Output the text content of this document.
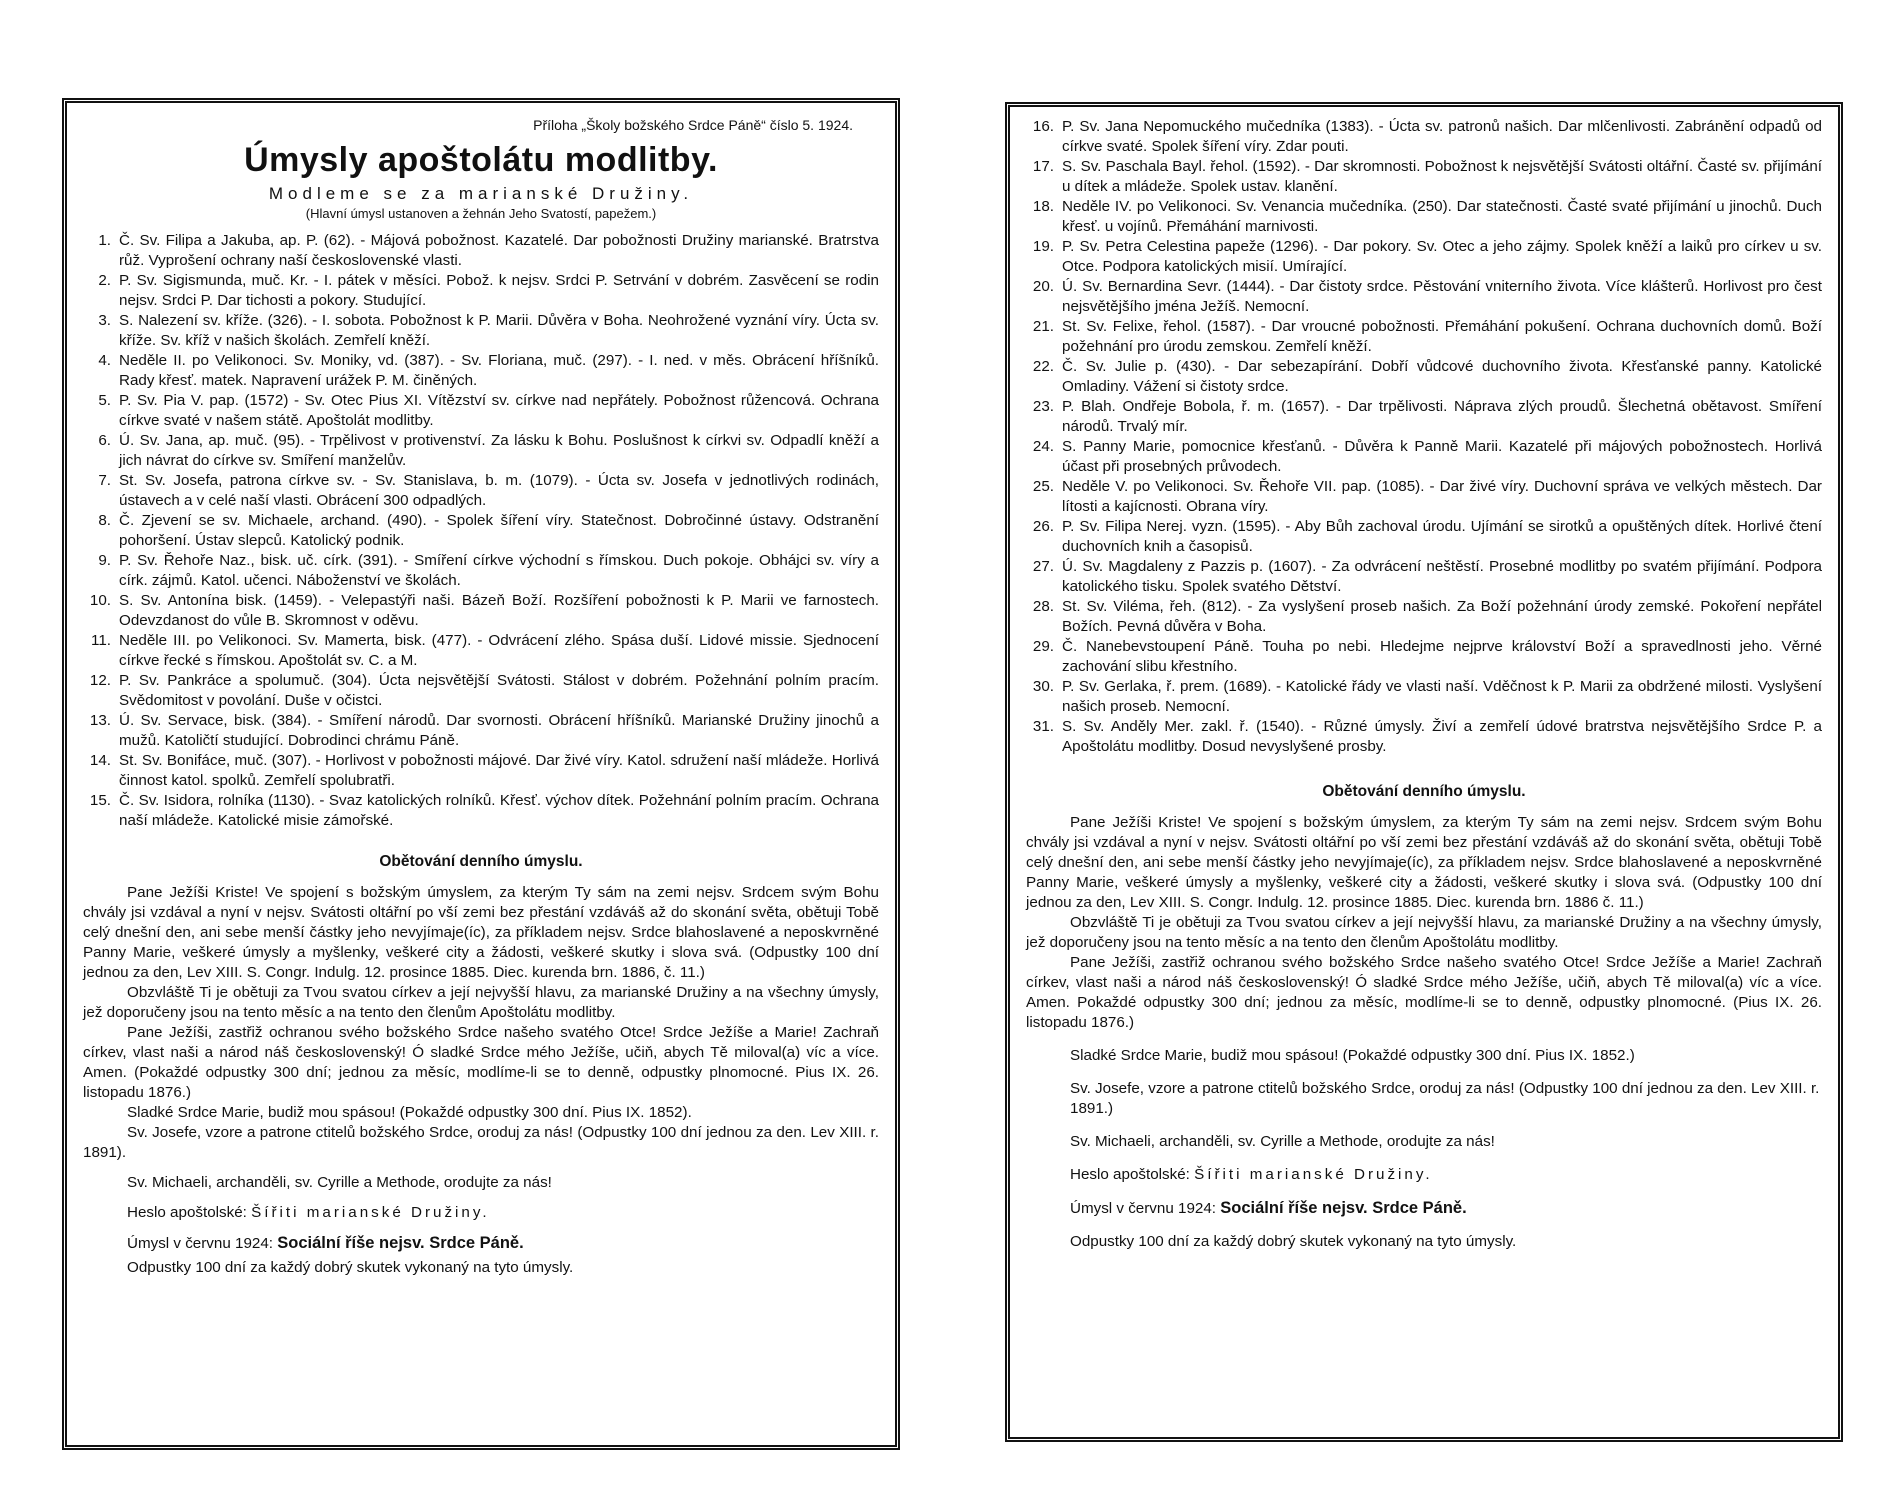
Příloha „Školy božského Srdce Páně“ číslo 5. 1924.
Úmysly apoštolátu modlitby.
Modleme se za marianské Družiny.
(Hlavní úmysl ustanoven a žehnán Jeho Svatostí, papežem.)
1. Č. Sv. Filipa a Jakuba, ap. P. (62). - Májová pobožnost. Kazatelé. Dar pobožnosti Družiny marianské. Bratrstva růž. Vyprošení ochrany naší československé vlasti.
2. P. Sv. Sigismunda, muč. Kr. - I. pátek v měsíci. Pobož. k nejsv. Srdci P. Setrvání v dobrém. Zasvěcení se rodin nejsv. Srdci P. Dar tichosti a pokory. Studující.
3. S. Nalezení sv. kříže. (326). - I. sobota. Pobožnost k P. Marii. Důvěra v Boha. Neohrožené vyznání víry. Úcta sv. kříže. Sv. kříž v našich školách. Zemřelí kněží.
4. Neděle II. po Velikonoci. Sv. Moniky, vd. (387). - Sv. Floriana, muč. (297). - I. ned. v měs. Obrácení hříšníků. Rady křesť. matek. Napravení urážek P. M. činěných.
5. P. Sv. Pia V. pap. (1572) - Sv. Otec Pius XI. Vítězství sv. církve nad nepřátely. Pobožnost růžencová. Ochrana církve svaté v našem státě. Apoštolát modlitby.
6. Ú. Sv. Jana, ap. muč. (95). - Trpělivost v protivenství. Za lásku k Bohu. Poslušnost k církvi sv. Odpadlí kněží a jich návrat do církve sv. Smíření manželův.
7. St. Sv. Josefa, patrona církve sv. - Sv. Stanislava, b. m. (1079). - Úcta sv. Josefa v jednotlivých rodinách, ústavech a v celé naší vlasti. Obrácení 300 odpadlých.
8. Č. Zjevení se sv. Michaele, archand. (490). - Spolek šíření víry. Statečnost. Dobročinné ústavy. Odstranění pohoršení. Ústav slepců. Katolický podnik.
9. P. Sv. Řehoře Naz., bisk. uč. círk. (391). - Smíření církve východní s římskou. Duch pokoje. Obhájci sv. víry a círk. zájmů. Katol. učenci. Náboženství ve školách.
10. S. Sv. Antonína bisk. (1459). - Velepastýři naši. Bázeň Boží. Rozšíření pobožnosti k P. Marii ve farnostech. Odevzdanost do vůle B. Skromnost v oděvu.
11. Neděle III. po Velikonoci. Sv. Mamerta, bisk. (477). - Odvrácení zlého. Spása duší. Lidové missie. Sjednocení církve řecké s římskou. Apoštolát sv. C. a M.
12. P. Sv. Pankráce a spolumuč. (304). Úcta nejsvětější Svátosti. Stálost v dobrém. Požehnání polním pracím. Svědomitost v povolání. Duše v očistci.
13. Ú. Sv. Servace, bisk. (384). - Smíření národů. Dar svornosti. Obrácení hříšníků. Marianské Družiny jinochů a mužů. Katoličtí studující. Dobrodinci chrámu Páně.
14. St. Sv. Bonifáce, muč. (307). - Horlivost v pobožnosti májové. Dar živé víry. Katol. sdružení naší mládeže. Horlivá činnost katol. spolků. Zemřelí spolubratři.
15. Č. Sv. Isidora, rolníka (1130). - Svaz katolických rolníků. Křesť. výchov dítek. Požehnání polním pracím. Ochrana naší mládeže. Katolické misie zámořské.
Obětování denního úmyslu.

Pane Ježíši Kriste! Ve spojení s božským úmyslem, za kterým Ty sám na zemi nejsv. Srdcem svým Bohu chvály jsi vzdával a nyní v nejsv. Svátosti oltářní po vší zemi bez přestání vzdáváš až do skonání světa, obětuji Tobě celý dnešní den, ani sebe menší částky jeho nevyjímaje(íc), za příkladem nejsv. Srdce blahoslavené a neposkvrněné Panny Marie, veškeré úmysly a myšlenky, veškeré city a žádosti, veškeré skutky i slova svá. (Odpustky 100 dní jednou za den, Lev XIII. S. Congr. Indulg. 12. prosince 1885. Diec. kurenda brn. 1886, č. 11.)

Obzvláště Ti je obětuji za Tvou svatou církev a její nejvyšší hlavu, za marianské Družiny a na všechny úmysly, jež doporučeny jsou na tento měsíc a na tento den členům Apoštolátu modlitby.

Pane Ježíši, zastřiž ochranou svého božského Srdce našeho svatého Otce! Srdce Ježíše a Marie! Zachraň církev, vlast naši a národ náš československý! Ó sladké Srdce mého Ježíše, učiň, abych Tě miloval(a) víc a více. Amen. (Pokaždé odpustky 300 dní; jednou za měsíc, modlíme-li se to denně, odpustky plnomocné. Pius IX. 26. listopadu 1876.)

Sladké Srdce Marie, budiž mou spásou! (Pokaždé odpustky 300 dní. Pius IX. 1852).

Sv. Josefe, vzore a patrone ctitelů božského Srdce, oroduj za nás! (Odpustky 100 dní jednou za den. Lev XIII. r. 1891).

Sv. Michaeli, archanděli, sv. Cyrille a Methode, orodujte za nás!

Heslo apoštolské: Šířiti marianské Družiny.

Úmysl v červnu 1924: Sociální říše nejsv. Srdce Páně.

Odpustky 100 dní za každý dobrý skutek vykonaný na tyto úmysly.

16. P. Sv. Jana Nepomuckého mučedníka (1383). - Úcta sv. patronů našich. Dar mlčenlivosti. Zabránění odpadů od církve svaté. Spolek šíření víry. Zdar pouti.
17. S. Sv. Paschala Bayl. řehol. (1592). - Dar skromnosti. Pobožnost k nejsvětější Svátosti oltářní. Časté sv. přijímání u dítek a mládeže. Spolek ustav. klanění.
18. Neděle IV. po Velikonoci. Sv. Venancia mučedníka. (250). Dar statečnosti. Časté svaté přijímání u jinochů. Duch křesť. u vojínů. Přemáhání marnivosti.
19. P. Sv. Petra Celestina papeže (1296). - Dar pokory. Sv. Otec a jeho zájmy. Spolek kněží a laiků pro církev u sv. Otce. Podpora katolických misií. Umírající.
20. Ú. Sv. Bernardina Sevr. (1444). - Dar čistoty srdce. Pěstování vniterního života. Více klášterů. Horlivost pro čest nejsvětějšího jména Ježíš. Nemocní.
21. St. Sv. Felixe, řehol. (1587). - Dar vroucné pobožnosti. Přemáhání pokušení. Ochrana duchovních domů. Boží požehnání pro úrodu zemskou. Zemřelí kněží.
22. Č. Sv. Julie p. (430). - Dar sebezapírání. Dobří vůdcové duchovního života. Křesťanské panny. Katolické Omladiny. Vážení si čistoty srdce.
23. P. Blah. Ondřeje Bobola, ř. m. (1657). - Dar trpělivosti. Náprava zlých proudů. Šlechetná obětavost. Smíření národů. Trvalý mír.
24. S. Panny Marie, pomocnice křesťanů. - Důvěra k Panně Marii. Kazatelé při májových pobožnostech. Horlivá účast při prosebných průvodech.
25. Neděle V. po Velikonoci. Sv. Řehoře VII. pap. (1085). - Dar živé víry. Duchovní správa ve velkých městech. Dar lítosti a kajícnosti. Obrana víry.
26. P. Sv. Filipa Nerej. vyzn. (1595). - Aby Bůh zachoval úrodu. Ujímání se sirotků a opuštěných dítek. Horlivé čtení duchovních knih a časopisů.
27. Ú. Sv. Magdaleny z Pazzis p. (1607). - Za odvrácení neštěstí. Prosebné modlitby po svatém přijímání. Podpora katolického tisku. Spolek svatého Dětství.
28. St. Sv. Viléma, řeh. (812). - Za vyslyšení proseb našich. Za Boží požehnání úrody zemské. Pokoření nepřátel Božích. Pevná důvěra v Boha.
29. Č. Nanebevstoupení Páně. Touha po nebi. Hledejme nejprve království Boží a spravedlnosti jeho. Věrné zachování slibu křestního.
30. P. Sv. Gerlaka, ř. prem. (1689). - Katolické řády ve vlasti naší. Vděčnost k P. Marii za obdržené milosti. Vyslyšení našich proseb. Nemocní.
31. S. Sv. Anděly Mer. zakl. ř. (1540). - Různé úmysly. Živí a zemřelí údové bratrstva nejsvětějšího Srdce P. a Apoštolátu modlitby. Dosud nevyslyšené prosby.
Obětování denního úmyslu.

Pane Ježíši Kriste! Ve spojení s božským úmyslem, za kterým Ty sám na zemi nejsv. Srdcem svým Bohu chvály jsi vzdával a nyní v nejsv. Svátosti oltářní po vší zemi bez přestání vzdáváš až do skonání světa, obětuji Tobě celý dnešní den, ani sebe menší částky jeho nevyjímaje(íc), za příkladem nejsv. Srdce blahoslavené a neposkvrněné Panny Marie, veškeré úmysly a myšlenky, veškeré city a žádosti, veškeré skutky i slova svá. (Odpustky 100 dní jednou za den, Lev XIII. S. Congr. Indulg. 12. prosince 1885. Diec. kurenda brn. 1886 č. 11.)

Obzvláště Ti je obětuji za Tvou svatou církev a její nejvyšší hlavu, za marianské Družiny a na všechny úmysly, jež doporučeny jsou na tento měsíc a na tento den členům Apoštolátu modlitby.

Pane Ježíši, zastřiž ochranou svého božského Srdce našeho svatého Otce! Srdce Ježíše a Marie! Zachraň církev, vlast naši a národ náš československý! Ó sladké Srdce mého Ježíše, učiň, abych Tě miloval(a) víc a více. Amen. Pokaždé odpustky 300 dní; jednou za měsíc, modlíme-li se to denně, odpustky plnomocné. (Pius IX. 26. listopadu 1876.)

Sladké Srdce Marie, budiž mou spásou! (Pokaždé odpustky 300 dní. Pius IX. 1852.)

Sv. Josefe, vzore a patrone ctitelů božského Srdce, oroduj za nás! (Odpustky 100 dní jednou za den. Lev XIII. r. 1891.)

Sv. Michaeli, archanděli, sv. Cyrille a Methode, orodujte za nás!

Heslo apoštolské: Šířiti marianské Družiny.

Úmysl v červnu 1924: Sociální říše nejsv. Srdce Páně.

Odpustky 100 dní za každý dobrý skutek vykonaný na tyto úmysly.
